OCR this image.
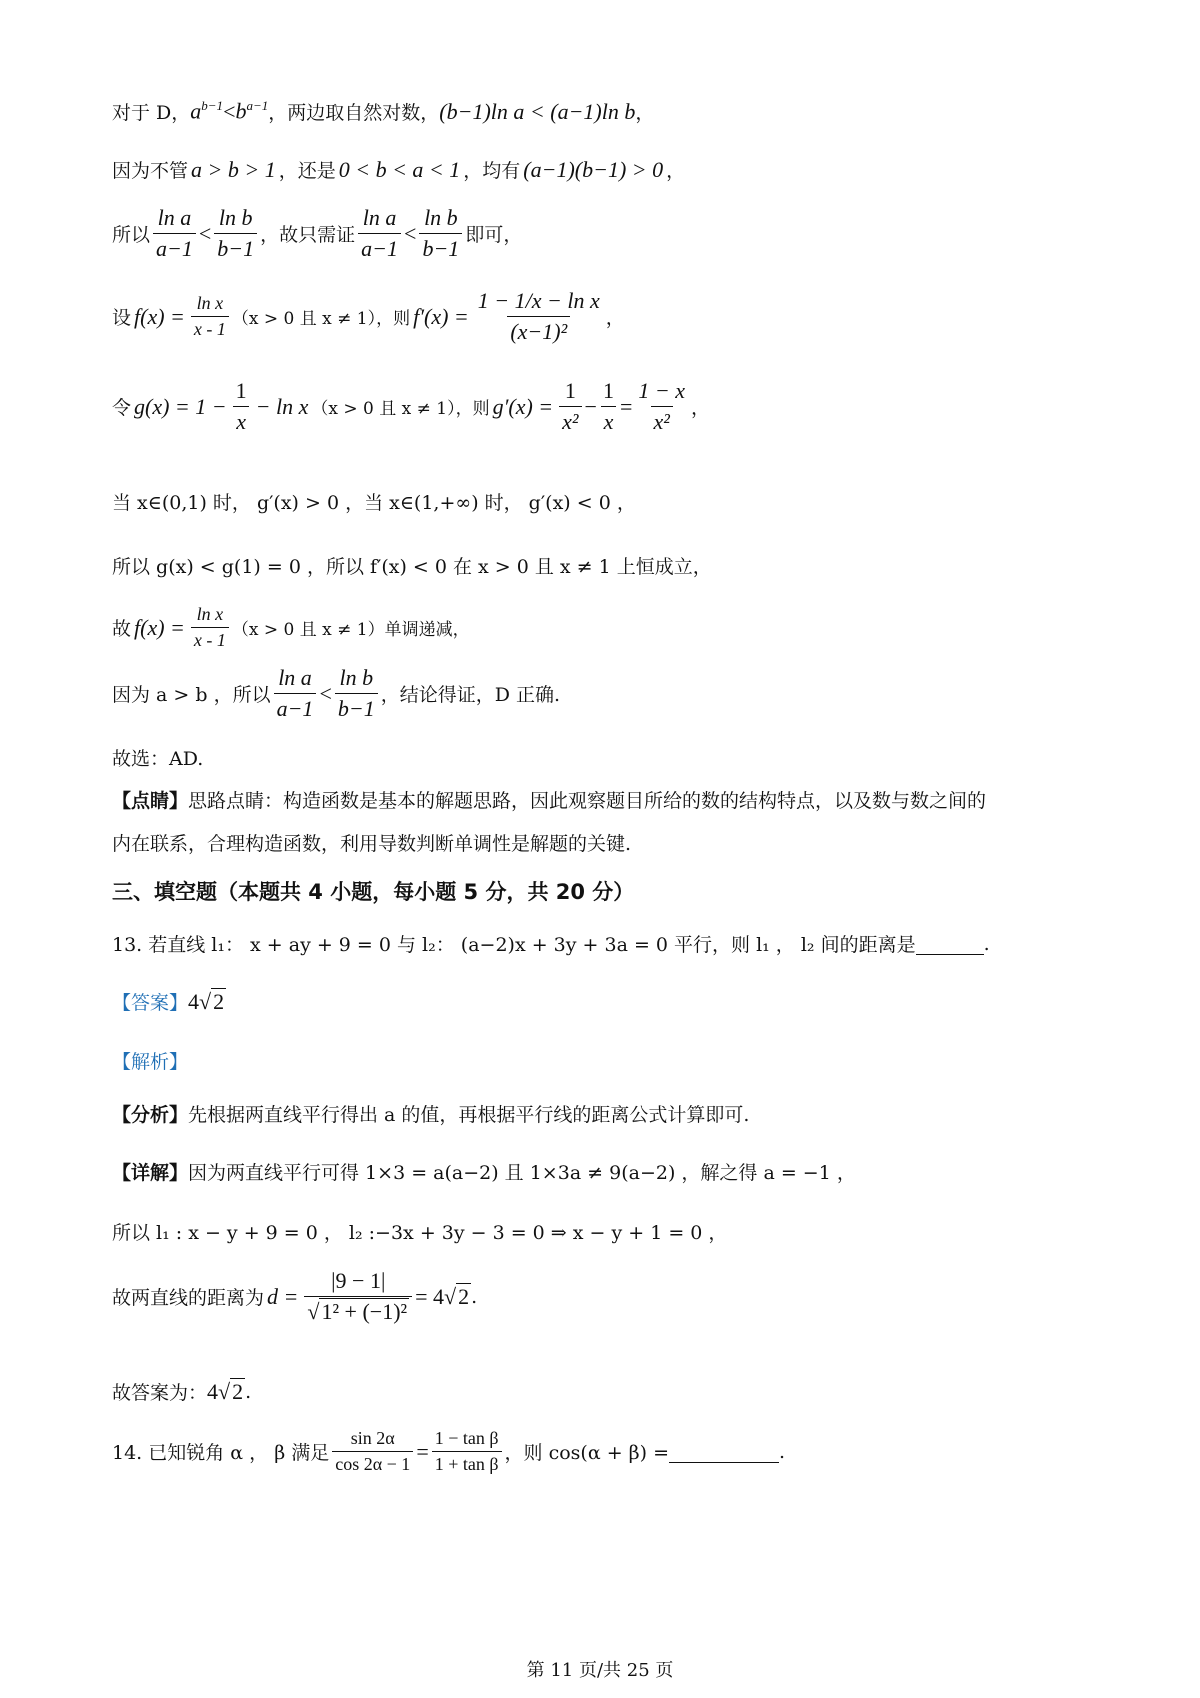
对于 D， $a^{b-1} < b^{a-1}$ ，两边取自然对数， (b−1)ln a < (a−1)ln b ，
因为不管 a > b > 1 ，还是 0 < b < a < 1 ，均有 (a−1)(b−1) > 0 ，
所以 $\frac{\text{ln a}}{a-1} < \frac{\text{ln b}}{b-1}$ ，故只需证 $\frac{\text{ln a}}{a-1} < \frac{\text{ln b}}{b-1}$ 即可，
设 $f(x) = \frac{\text{ln x}}{x - 1} (x > 0$ 且 x ≠ 1），则 $f'(x) = \frac{\text{1 − 1/x − ln x}}{\text{(x−1)²}}$ ，
令 $g(x) = 1 - \frac{1}{x} - \ln x$ （x > 0 且 x ≠ 1），则 $g'(x) = \frac{1}{\text{x²}} - \frac{1}{x} = \frac{1 - x}{\text{x²}}$ ，
当 x∈(0,1) 时， g′(x) > 0 ，当 x∈(1,+∞) 时， g′(x) < 0 ，
所以 g(x) < g(1) = 0 ，所以 f′(x) < 0 在 x > 0 且 x ≠ 1 上恒成立，
故 $f(x) = \frac{\text{ln x}}{x - 1} (x > 0$ 且 x ≠ 1）单调递减，
因为 a > b ，所以 $\frac{\text{ln a}}{a-1} < \frac{\text{ln b}}{b-1}$ ，结论得证，D 正确.
故选：AD.
【点睛】 思路点睛：构造函数是基本的解题思路，因此观察题目所给的数的结构特点，以及数与数之间的
内在联系，合理构造函数，利用导数判断单调性是解题的关键.
三、填空题（本题共 4 小题，每小题 5 分，共 20 分）
13. 若直线 l₁： x + ay + 9 = 0 与 l₂： (a−2)x + 3y + 3a = 0 平行，则 l₁ ， l₂ 间的距离是
	.
【答案】 4√2
【解析】
【分析】 先根据两直线平行得出 a 的值，再根据平行线的距离公式计算即可.
【详解】 因为两直线平行可得 1×3 = a(a−2) 且 1×3a ≠ 9(a−2) ，解之得 a = −1 ，
所以 l₁ : x − y + 9 = 0 ， l₂ :−3x + 3y − 3 = 0 ⇒ x − y + 1 = 0 ，
故两直线的距离为 $d = \frac{|9 - 1|}{\text{√1² + (−1)²}} = 4√2$ .
故答案为： 4√2 .
14. 已知锐角 α ， β 满足 $\frac{\sin 2\alpha}{\cos 2\alpha - 1} = \frac{\text{1 − tan β}}{\text{1 + tan β}}$ ，则 cos(α + β) =
	.
第 11 页/共 25 页
